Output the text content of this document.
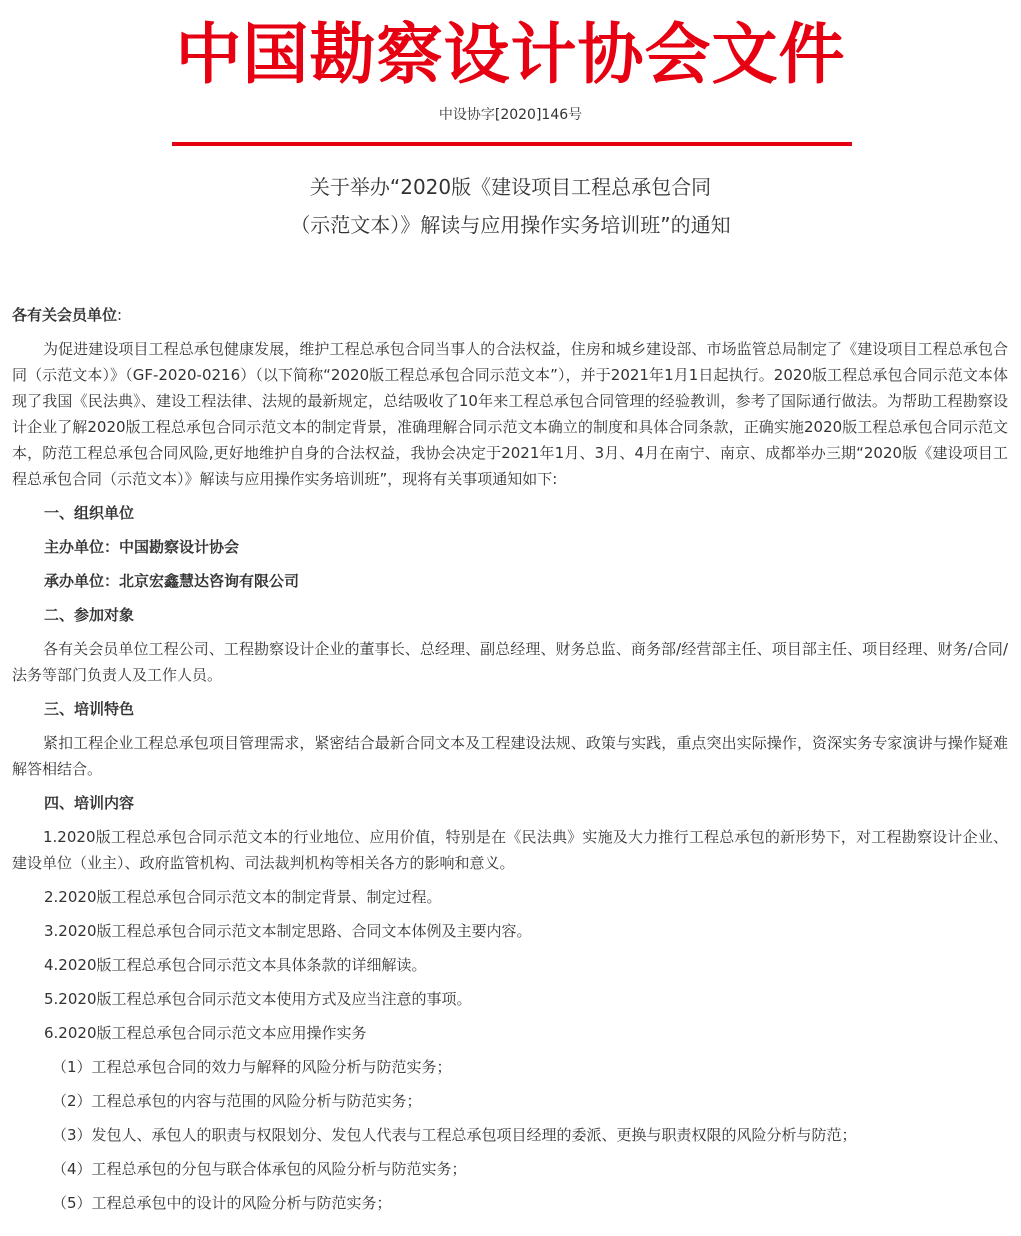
中国勘察设计协会文件
中设协字[2020]146号
关于举办“2020版《建设项目工程总承包合同
（示范文本）》解读与应用操作实务培训班”的通知
各有关会员单位:
为促进建设项目工程总承包健康发展，维护工程总承包合同当事人的合法权益，住房和城乡建设部、市场监管总局制定了《建设项目工程总承包合同（示范文本）》（GF-2020-0216）（以下简称“2020版工程总承包合同示范文本”），并于2021年1月1日起执行。2020版工程总承包合同示范文本体现了我国《民法典》、建设工程法律、法规的最新规定，总结吸收了10年来工程总承包合同管理的经验教训，参考了国际通行做法。为帮助工程勘察设计企业了解2020版工程总承包合同示范文本的制定背景，准确理解合同示范文本确立的制度和具体合同条款，正确实施2020版工程总承包合同示范文本，防范工程总承包合同风险,更好地维护自身的合法权益，我协会决定于2021年1月、3月、4月在南宁、南京、成都举办三期“2020版《建设项目工程总承包合同（示范文本）》解读与应用操作实务培训班”，现将有关事项通知如下:
一、组织单位
主办单位：中国勘察设计协会
承办单位：北京宏鑫慧达咨询有限公司
二、参加对象
各有关会员单位工程公司、工程勘察设计企业的董事长、总经理、副总经理、财务总监、商务部/经营部主任、项目部主任、项目经理、财务/合同/法务等部门负责人及工作人员。
三、培训特色
紧扣工程企业工程总承包项目管理需求，紧密结合最新合同文本及工程建设法规、政策与实践，重点突出实际操作，资深实务专家演讲与操作疑难解答相结合。
四、培训内容
1.2020版工程总承包合同示范文本的行业地位、应用价值，特别是在《民法典》实施及大力推行工程总承包的新形势下，对工程勘察设计企业、建设单位（业主）、政府监管机构、司法裁判机构等相关各方的影响和意义。
2.2020版工程总承包合同示范文本的制定背景、制定过程。
3.2020版工程总承包合同示范文本制定思路、合同文本体例及主要内容。
4.2020版工程总承包合同示范文本具体条款的详细解读。
5.2020版工程总承包合同示范文本使用方式及应当注意的事项。
6.2020版工程总承包合同示范文本应用操作实务
（1）工程总承包合同的效力与解释的风险分析与防范实务；
（2）工程总承包的内容与范围的风险分析与防范实务；
（3）发包人、承包人的职责与权限划分、发包人代表与工程总承包项目经理的委派、更换与职责权限的风险分析与防范；
（4）工程总承包的分包与联合体承包的风险分析与防范实务；
（5）工程总承包中的设计的风险分析与防范实务；
